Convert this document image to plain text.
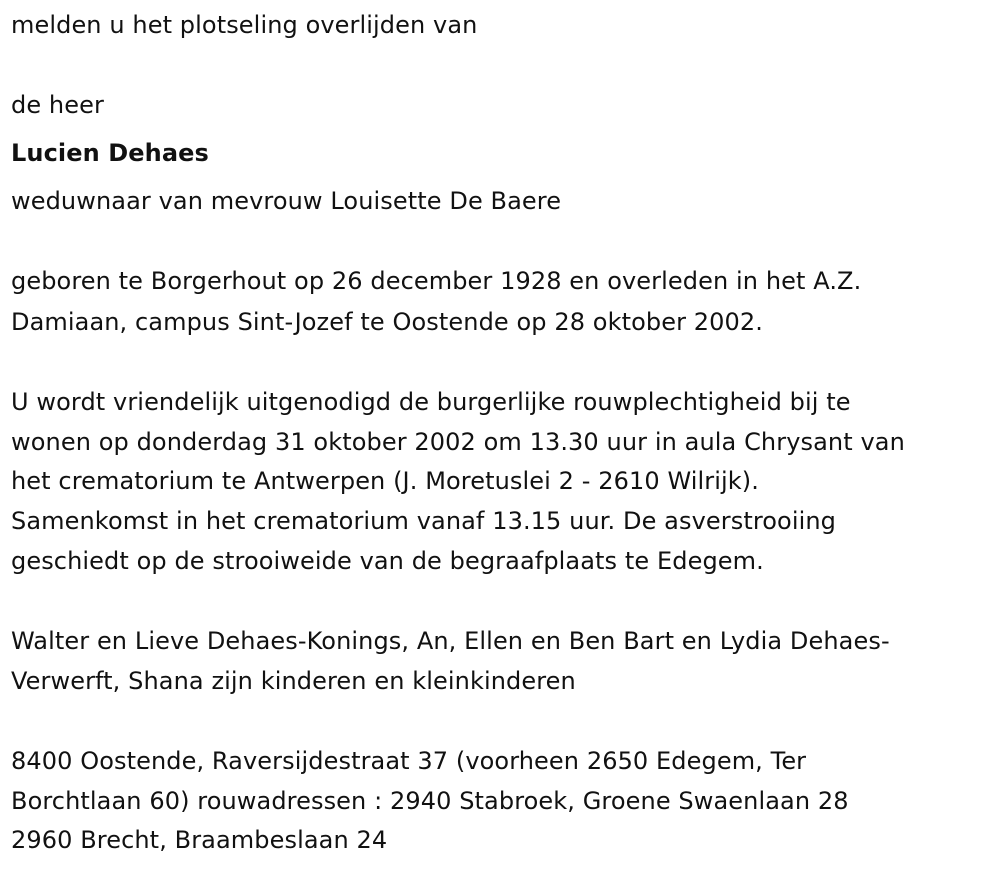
melden u het plotseling overlijden van
de heer
Lucien Dehaes
weduwnaar van mevrouw Louisette De Baere
geboren te Borgerhout op 26 december 1928 en overleden in het A.Z.
Damiaan, campus Sint-Jozef te Oostende op 28 oktober 2002.
U wordt vriendelijk uitgenodigd de burgerlijke rouwplechtigheid bij te
wonen op donderdag 31 oktober 2002 om 13.30 uur in aula Chrysant van
het crematorium te Antwerpen (J. Moretuslei 2 - 2610 Wilrijk).
Samenkomst in het crematorium vanaf 13.15 uur. De asverstrooiing
geschiedt op de strooiweide van de begraafplaats te Edegem.
Walter en Lieve Dehaes-Konings, An, Ellen en Ben Bart en Lydia Dehaes-
Verwerft, Shana zijn kinderen en kleinkinderen
8400 Oostende, Raversijdestraat 37 (voorheen 2650 Edegem, Ter
Borchtlaan 60) rouwadressen : 2940 Stabroek, Groene Swaenlaan 28
2960 Brecht, Braambeslaan 24
